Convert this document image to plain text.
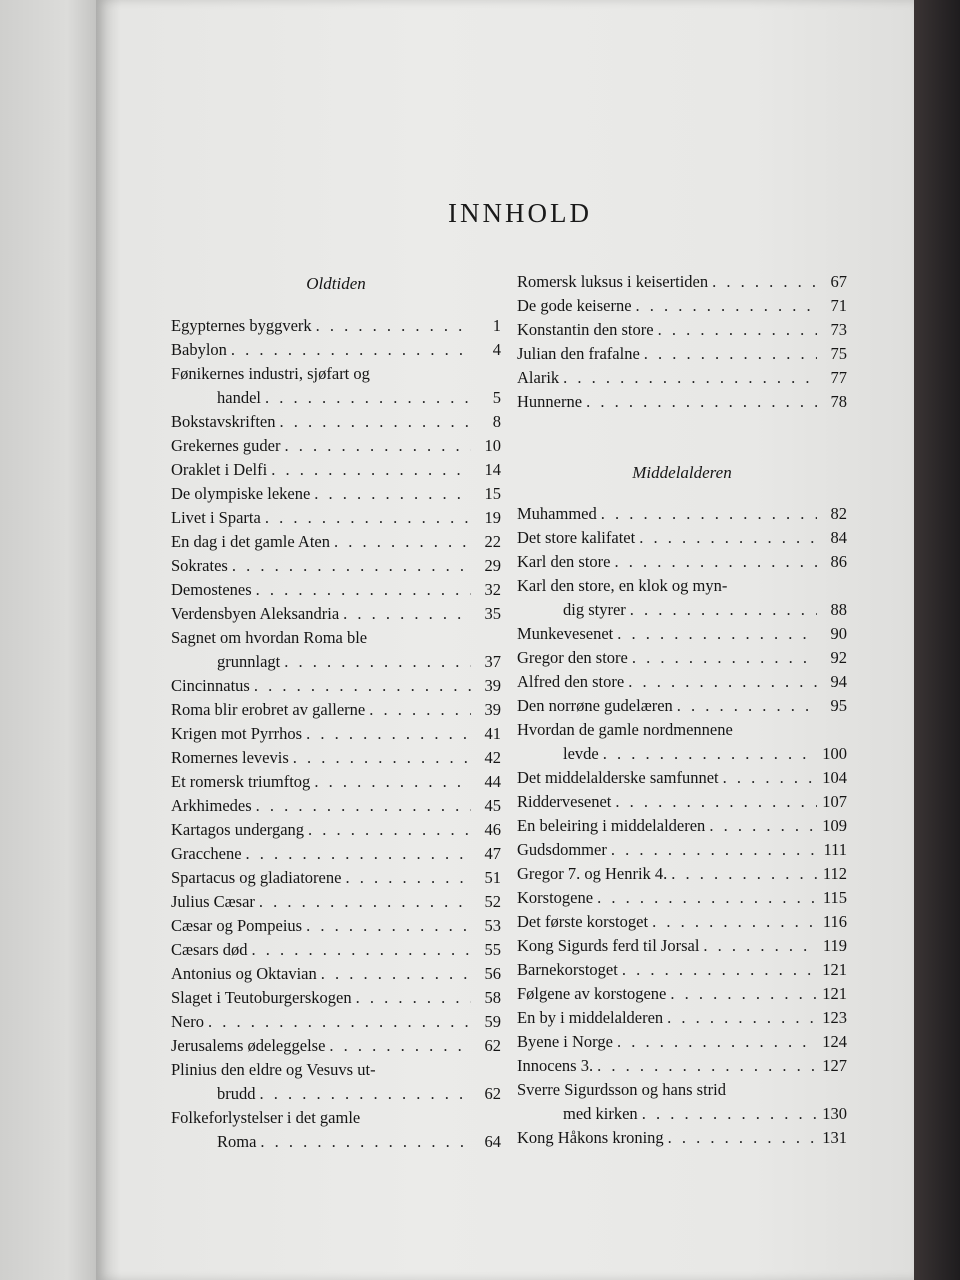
INNHOLD
Oldtiden
Egypternes byggverk . . .	1
Babylon . . .	4
Fønikernes industri, sjøfart og
handel . . .	5
Bokstavskriften . . .	8
Grekernes guder . . .	10
Oraklet i Delfi . . .	14
De olympiske lekene . . .	15
Livet i Sparta . . .	19
En dag i det gamle Aten . . .	22
Sokrates . . .	29
Demostenes . . .	32
Verdensbyen Aleksandria . . .	35
Sagnet om hvordan Roma ble
grunnlagt . . .	37
Cincinnatus . . .	39
Roma blir erobret av gallerne . . .	39
Krigen mot Pyrrhos . . .	41
Romernes levevis . . .	42
Et romersk triumftog . . .	44
Arkhimedes . . .	45
Kartagos undergang . . .	46
Gracchene . . .	47
Spartacus og gladiatorene . . .	51
Julius Cæsar . . .	52
Cæsar og Pompeius . . .	53
Cæsars død . . .	55
Antonius og Oktavian . . .	56
Slaget i Teutoburgerskogen . . .	58
Nero . . .	59
Jerusalems ødeleggelse . . .	62
Plinius den eldre og Vesuvs ut-
brudd . . .	62
Folkeforlystelser i det gamle
Roma . . .	64
Romersk luksus i keisertiden . . .	67
De gode keiserne . . .	71
Konstantin den store . . .	73
Julian den frafalne . . .	75
Alarik . . .	77
Hunnerne . . .	78
Middelalderen
Muhammed . . .	82
Det store kalifatet . . .	84
Karl den store . . .	86
Karl den store, en klok og myn-
dig styrer . . .	88
Munkevesenet . . .	90
Gregor den store . . .	92
Alfred den store . . .	94
Den norrøne gudelæren . . .	95
Hvordan de gamle nordmennene
levde . . .	100
Det middelalderske samfunnet . . .	104
Riddervesenet . . .	107
En beleiring i middelalderen . . .	109
Gudsdommer . . .	111
Gregor 7. og Henrik 4. . . .	112
Korstogene . . .	115
Det første korstoget . . .	116
Kong Sigurds ferd til Jorsal . . .	119
Barnekorstoget . . .	121
Følgene av korstogene . . .	121
En by i middelalderen . . .	123
Byene i Norge . . .	124
Innocens 3. . . .	127
Sverre Sigurdsson og hans strid
med kirken . . .	130
Kong Håkons kroning . . .	131
